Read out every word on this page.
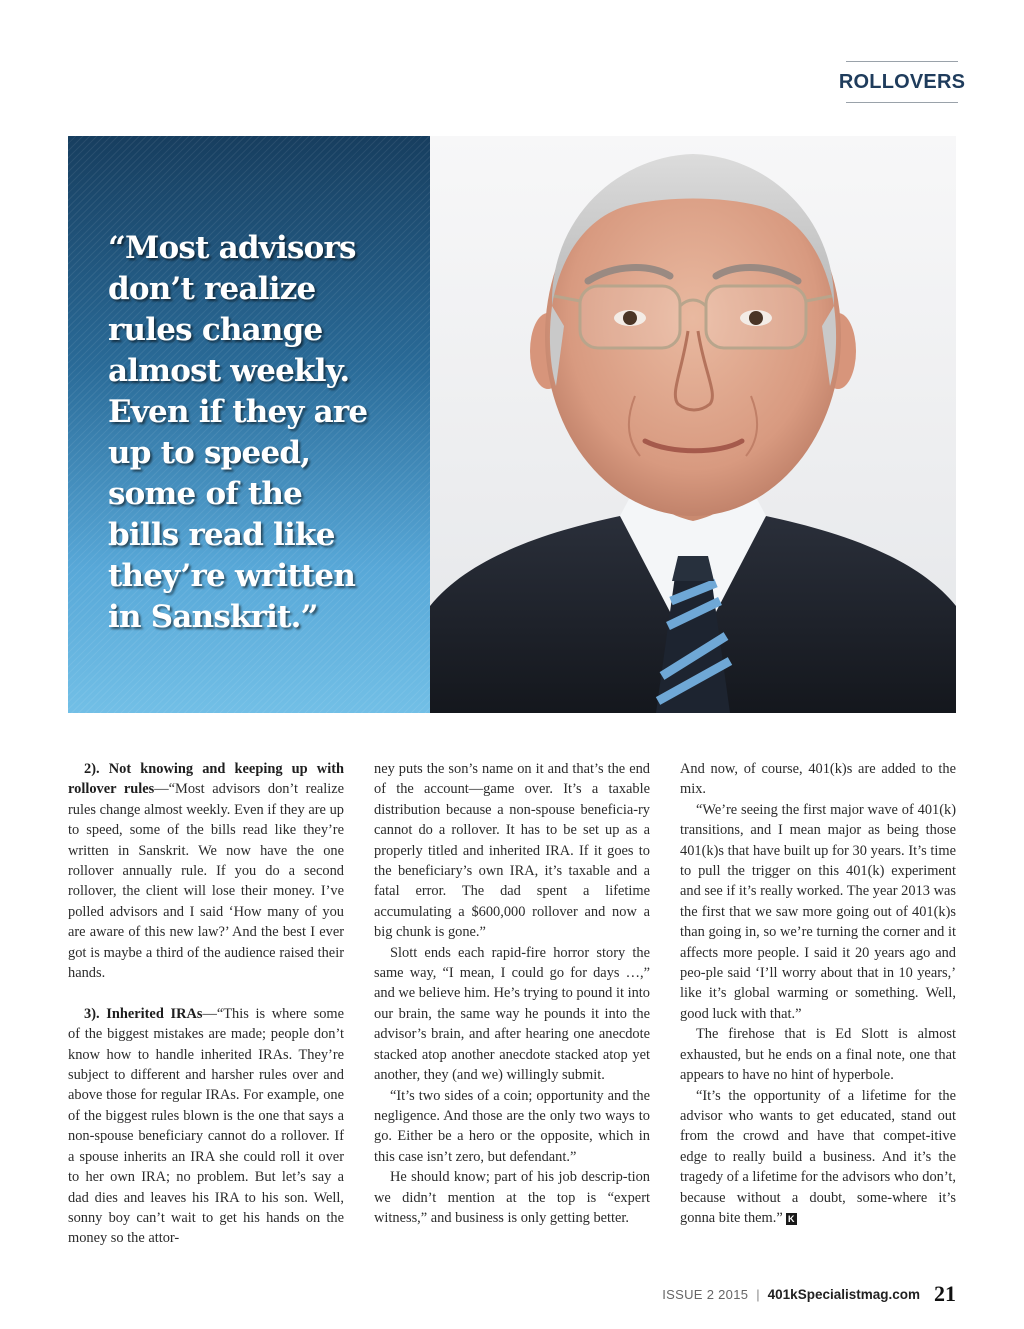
ROLLOVERS

“Most advisors
don’t realize
rules change
almost weekly.
Even if they are
up to speed,
some of the
bills read like
they’re written
in Sanskrit.”

2). Not knowing and keeping up with rollover rules—“Most advisors don’t realize rules change almost weekly. Even if they are up to speed, some of the bills read like they’re written in Sanskrit. We now have the one rollover annually rule. If you do a second rollover, the client will lose their money. I’ve polled advisors and I said ‘How many of you are aware of this new law?’ And the best I ever got is maybe a third of the audience raised their hands.

3). Inherited IRAs—“This is where some of the biggest mistakes are made; people don’t know how to handle inherited IRAs. They’re subject to different and harsher rules over and above those for regular IRAs. For example, one of the biggest rules blown is the one that says a non-spouse beneficiary cannot do a rollover. If a spouse inherits an IRA she could roll it over to her own IRA; no problem. But let’s say a dad dies and leaves his IRA to his son. Well, sonny boy can’t wait to get his hands on the money so the attor-

ney puts the son’s name on it and that’s the end of the account—game over. It’s a taxable distribution because a non-spouse beneficia-ry cannot do a rollover. It has to be set up as a properly titled and inherited IRA. If it goes to the beneficiary’s own IRA, it’s taxable and a fatal error. The dad spent a lifetime accumulating a $600,000 rollover and now a big chunk is gone.”

Slott ends each rapid-fire horror story the same way, “I mean, I could go for days …,” and we believe him. He’s trying to pound it into our brain, the same way he pounds it into the advisor’s brain, and after hearing one anecdote stacked atop another anecdote stacked atop yet another, they (and we) willingly submit.

“It’s two sides of a coin; opportunity and the negligence. And those are the only two ways to go. Either be a hero or the opposite, which in this case isn’t zero, but defendant.”

He should know; part of his job descrip-tion we didn’t mention at the top is “expert witness,” and business is only getting better.

And now, of course, 401(k)s are added to the mix.

“We’re seeing the first major wave of 401(k) transitions, and I mean major as being those 401(k)s that have built up for 30 years. It’s time to pull the trigger on this 401(k) experiment and see if it’s really worked. The year 2013 was the first that we saw more going out of 401(k)s than going in, so we’re turning the corner and it affects more people. I said it 20 years ago and peo-ple said ‘I’ll worry about that in 10 years,’ like it’s global warming or something. Well, good luck with that.”

The firehose that is Ed Slott is almost exhausted, but he ends on a final note, one that appears to have no hint of hyperbole.

“It’s the opportunity of a lifetime for the advisor who wants to get educated, stand out from the crowd and have that compet-itive edge to really build a business. And it’s the tragedy of a lifetime for the advisors who don’t, because without a doubt, some-where it’s gonna bite them.” K

ISSUE 2 2015 | 401kSpecialistmag.com 21
